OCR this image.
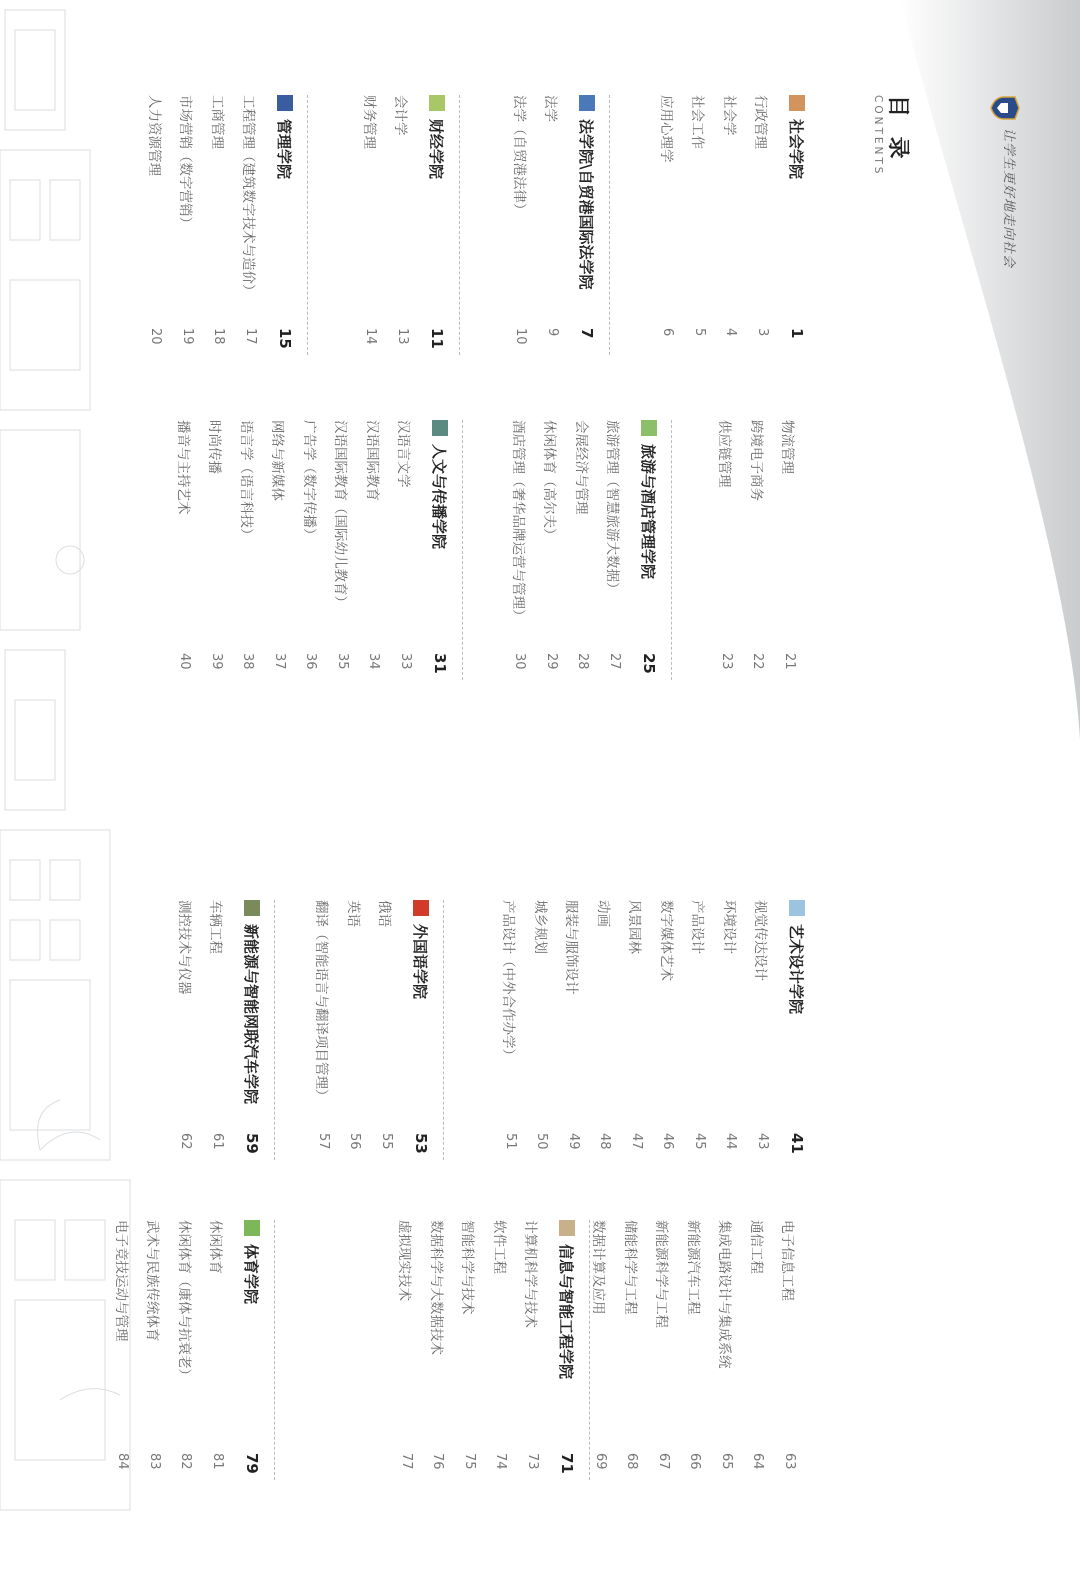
让学生更好地走向社会
目 录
CONTENTS
社会学院
1
行政管理
3
社会学
4
社会工作
5
应用心理学
6
法学院\自贸港国际法学院
7
法学
9
法学（自贸港法律）
10
财经学院
11
会计学
13
财务管理
14
管理学院
15
工程管理（建筑数字技术与造价）
17
工商管理
18
市场营销（数字营销）
19
人力资源管理
20
物流管理
21
跨境电子商务
22
供应链管理
23
旅游与酒店管理学院
25
旅游管理（智慧旅游大数据）
27
会展经济与管理
28
休闲体育（高尔夫）
29
酒店管理（奢华品牌运营与管理）
30
人文与传播学院
31
汉语言文学
33
汉语国际教育
34
汉语国际教育（国际幼儿教育）
35
广告学（数字传播）
36
网络与新媒体
37
语言学（语言科技）
38
时尚传播
39
播音与主持艺术
40
艺术设计学院
41
视觉传达设计
43
环境设计
44
产品设计
45
数字媒体艺术
46
风景园林
47
动画
48
服装与服饰设计
49
城乡规划
50
产品设计（中外合作办学）
51
外国语学院
53
俄语
55
英语
56
翻译（智能语言与翻译项目管理）
57
新能源与智能网联汽车学院
59
车辆工程
61
测控技术与仪器
62
电子信息工程
63
通信工程
64
集成电路设计与集成系统
65
新能源汽车工程
66
新能源科学与工程
67
储能科学与工程
68
数据计算及应用
69
信息与智能工程学院
71
计算机科学与技术
73
软件工程
74
智能科学与技术
75
数据科学与大数据技术
76
虚拟现实技术
77
体育学院
79
休闲体育
81
休闲体育（康体与抗衰老）
82
武术与民族传统体育
83
电子竞技运动与管理
84
